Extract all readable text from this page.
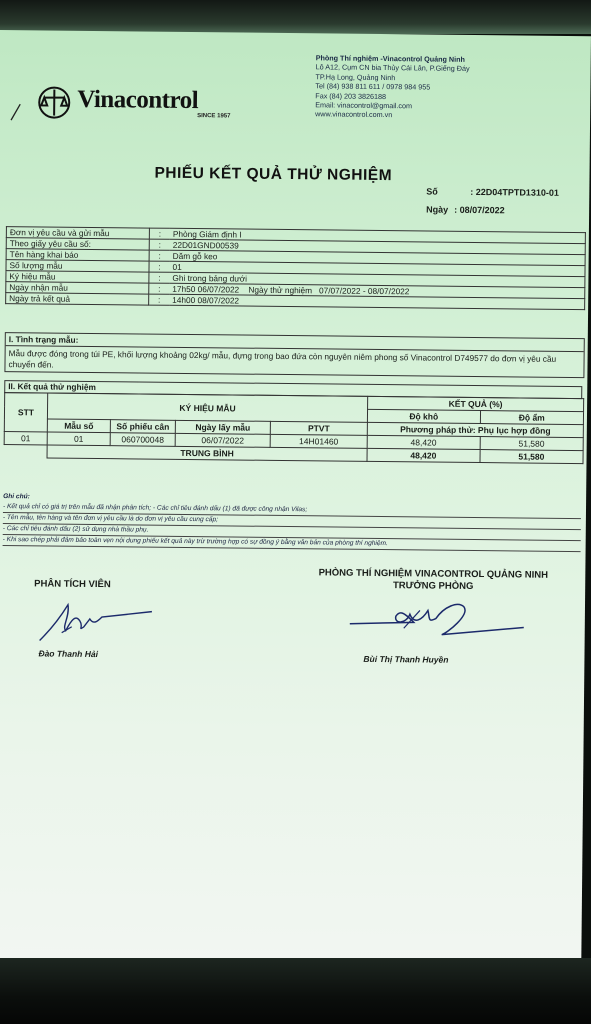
Vinacontrol
SINCE 1957
Phòng Thí nghiệm -Vinacontrol Quảng Ninh
Lô A12, Cụm CN bia Thủy Cái Lân, P.Giếng Đáy
TP.Hạ Long, Quảng Ninh
Tel (84) 938 811 611 / 0978 984 955
Fax (84) 203 3826188
Email: vinacontrol@gmail.com
www.vinacontrol.com.vn
PHIẾU KẾT QUẢ THỬ NGHIỆM
Số	: 22D04TPTD1310-01
Ngày : 08/07/2022
Đơn vị yêu cầu và gửi mẫu	:	Phòng Giám định I
Theo giấy yêu cầu số:	:	22D01GND00539
Tên hàng khai báo	:	Dăm gỗ keo
Số lượng mẫu	:	01
Ký hiệu mẫu	:	Ghi trong bảng dưới
Ngày nhận mẫu	:	17h50 06/07/2022 Ngày thử nghiệm 07/07/2022 - 08/07/2022
Ngày trả kết quả	:	14h00 08/07/2022
I. Tình trạng mẫu:
Mẫu được đóng trong túi PE, khối lượng khoảng 02kg/ mẫu, đựng trong bao đứa còn nguyên niêm phong số Vinacontrol D749577 do đơn vị yêu cầu chuyển đến.
II. Kết quả thử nghiệm
STT	KÝ HIỆU MẪU				KẾT QUẢ (%)	
					Độ khô	Độ ẩm
	Mẫu số	Số phiếu cân	Ngày lấy mẫu	PTVT	Phương pháp thử: Phụ lục hợp đồng	
01	01	060700048	06/07/2022	14H01460	48,420	51,580
	TRUNG BÌNH				48,420	51,580
Ghi chú:
- Kết quả chỉ có giá trị trên mẫu đã nhận phân tích; - Các chỉ tiêu đánh dấu (1) đã được công nhận Vilas;
- Tên mẫu, tên hàng và tên đơn vị yêu cầu là do đơn vị yêu cầu cung cấp;
- Các chỉ tiêu đánh dấu (2) sử dụng nhà thầu phụ.
- Khi sao chép phải đảm bảo toàn vẹn nội dung phiếu kết quả này trừ trường hợp có sự đồng ý bằng văn bản của phòng thí nghiệm.
PHÂN TÍCH VIÊN
PHÒNG THÍ NGHIỆM VINACONTROL QUẢNG NINH
TRƯỞNG PHÒNG
Đào Thanh Hải
Bùi Thị Thanh Huyền
